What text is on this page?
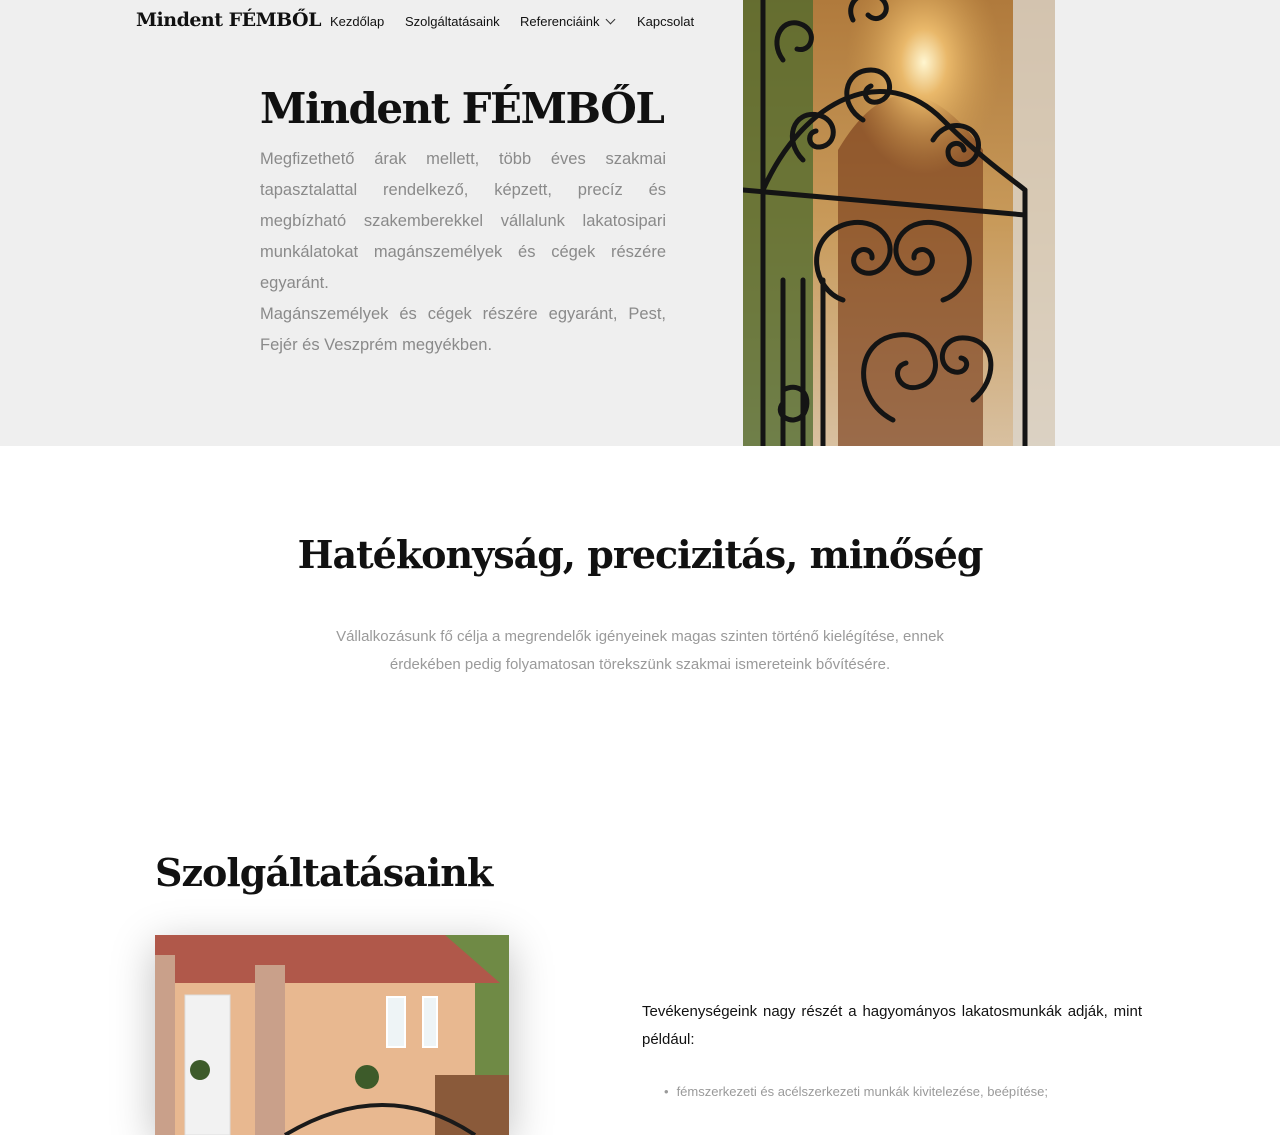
Mindent FÉMBŐL Kezdőlap Szolgáltatásaink Referenciáink	Kapcsolat
Mindent FÉMBŐL

Megfizethető árak mellett, több éves szakmai tapasztalattal rendelkező, képzett, precíz és megbízható szakemberekkel vállalunk lakatosipari munkálatokat magánszemélyek és cégek részére egyaránt.

Magánszemélyek és cégek részére egyaránt, Pest, Fejér és Veszprém megyékben.

Hatékonyság, precizitás, minőség
Vállalkozásunk fő célja a megrendelők igényeinek magas szinten történő kielégítése, ennek érdekében pedig folyamatosan törekszünk szakmai ismereteink bővítésére.
Szolgáltatásaink
Tevékenységeink nagy részét a hagyományos lakatosmunkák adják, mint például:
• fémszerkezeti és acélszerkezeti munkák kivitelezése, beépítése;
